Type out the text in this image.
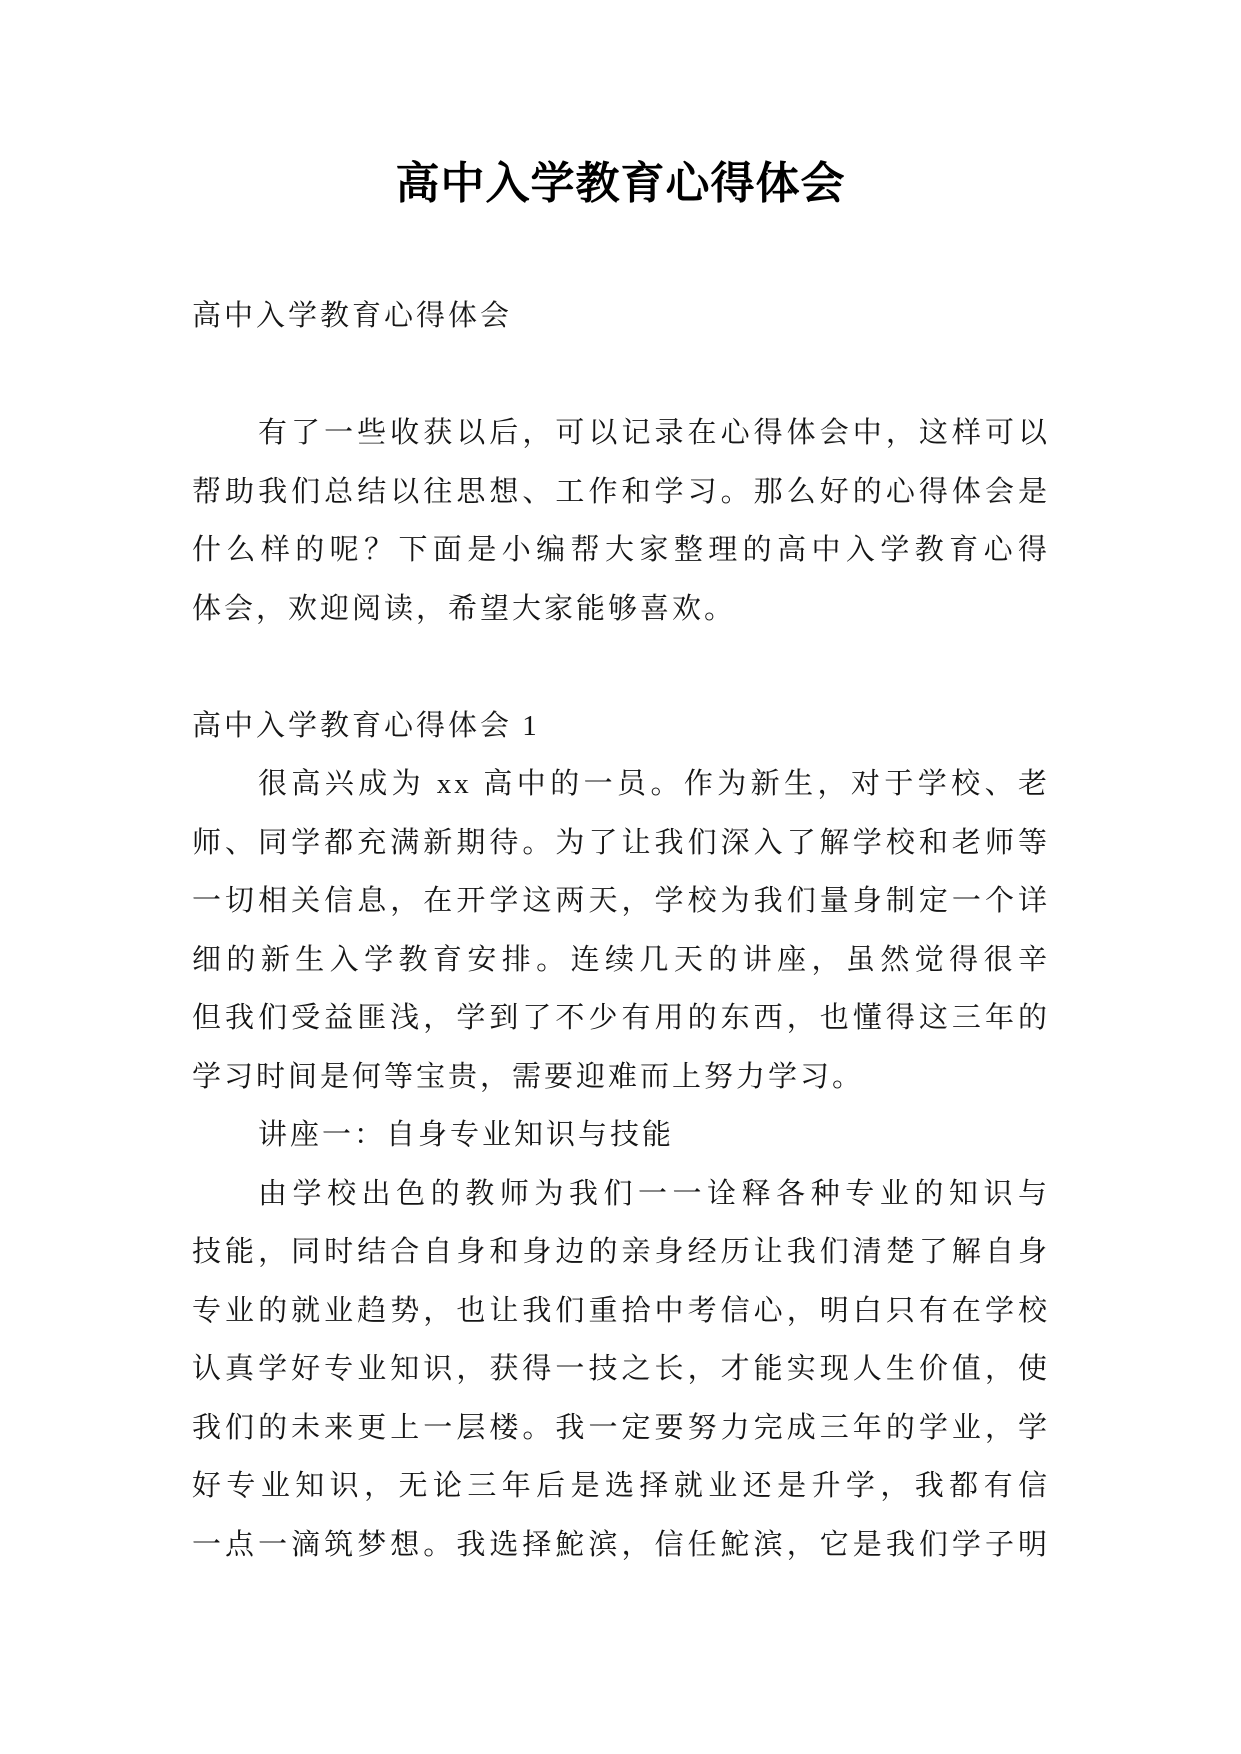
高中入学教育心得体会
高中入学教育心得体会
有了一些收获以后，可以记录在心得体会中，这样可以
帮助我们总结以往思想、工作和学习。那么好的心得体会是
什么样的呢？下面是小编帮大家整理的高中入学教育心得
体会，欢迎阅读，希望大家能够喜欢。
高中入学教育心得体会 1
很高兴成为 xx 高中的一员。作为新生，对于学校、老
师、同学都充满新期待。为了让我们深入了解学校和老师等
一切相关信息，在开学这两天，学校为我们量身制定一个详
细的新生入学教育安排。连续几天的讲座，虽然觉得很辛
但我们受益匪浅，学到了不少有用的东西，也懂得这三年的
学习时间是何等宝贵，需要迎难而上努力学习。
讲座一：自身专业知识与技能
由学校出色的教师为我们一一诠释各种专业的知识与
技能，同时结合自身和身边的亲身经历让我们清楚了解自身
专业的就业趋势，也让我们重拾中考信心，明白只有在学校
认真学好专业知识，获得一技之长，才能实现人生价值，使
我们的未来更上一层楼。我一定要努力完成三年的学业，学
好专业知识，无论三年后是选择就业还是升学，我都有信
一点一滴筑梦想。我选择鮀滨，信任鮀滨，它是我们学子明
